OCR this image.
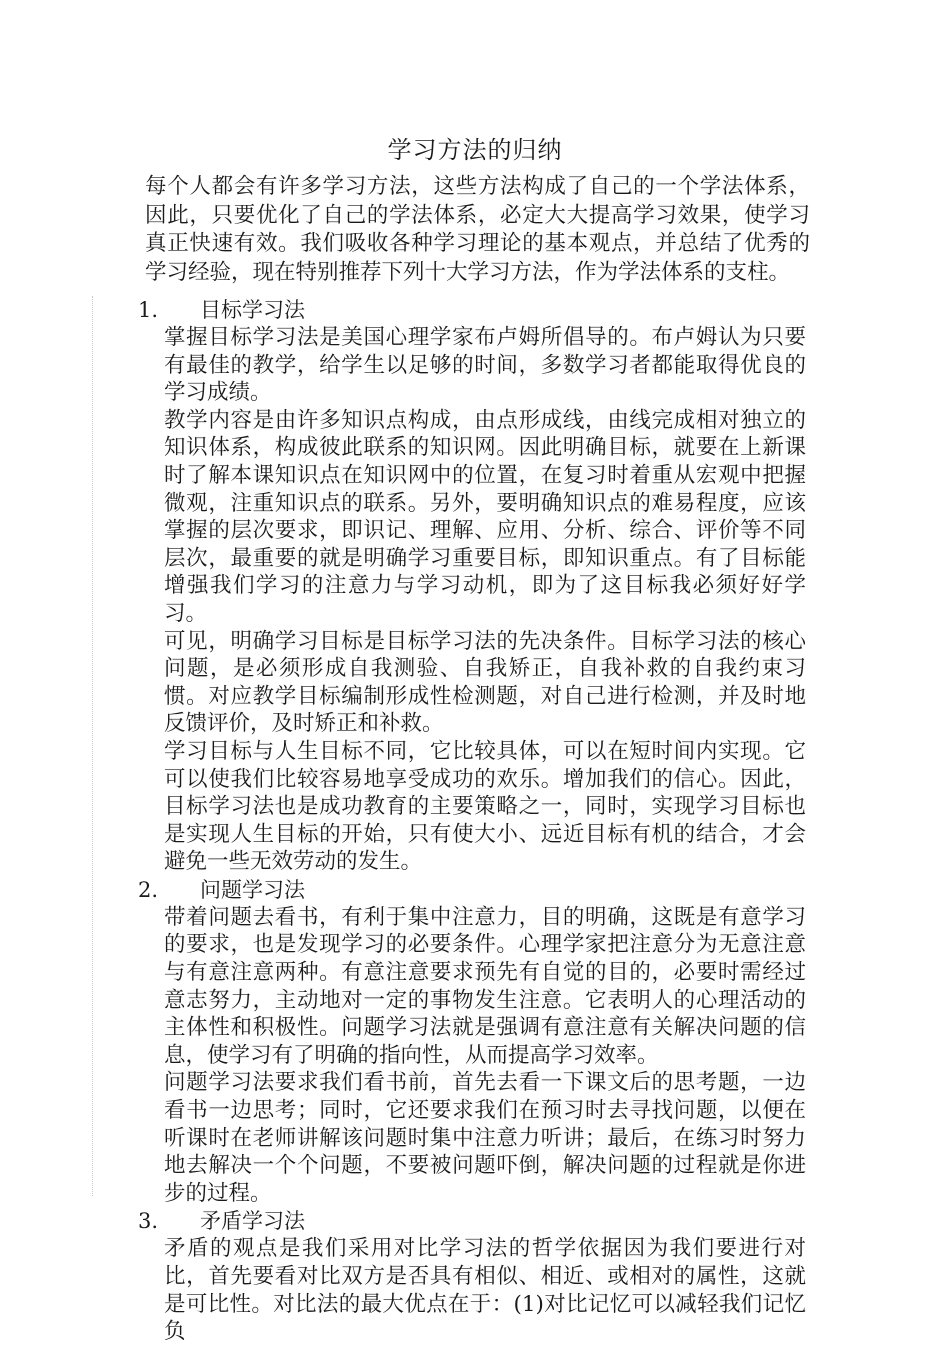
学习方法的归纳
每个人都会有许多学习方法，这些方法构成了自己的一个学法体系，因此，只要优化了自己的学法体系，必定大大提高学习效果，使学习真正快速有效。我们吸收各种学习理论的基本观点，并总结了优秀的学习经验，现在特别推荐下列十大学习方法，作为学法体系的支柱。
1.	目标学习法

掌握目标学习法是美国心理学家布卢姆所倡导的。布卢姆认为只要有最佳的教学，给学生以足够的时间，多数学习者都能取得优良的学习成绩。

教学内容是由许多知识点构成，由点形成线，由线完成相对独立的知识体系，构成彼此联系的知识网。因此明确目标，就要在上新课时了解本课知识点在知识网中的位置，在复习时着重从宏观中把握微观，注重知识点的联系。另外，要明确知识点的难易程度，应该掌握的层次要求，即识记、理解、应用、分析、综合、评价等不同层次，最重要的就是明确学习重要目标，即知识重点。有了目标能增强我们学习的注意力与学习动机，即为了这目标我必须好好学习。

可见，明确学习目标是目标学习法的先决条件。目标学习法的核心问题，是必须形成自我测验、自我矫正，自我补救的自我约束习惯。对应教学目标编制形成性检测题，对自己进行检测，并及时地反馈评价，及时矫正和补救。

学习目标与人生目标不同，它比较具体，可以在短时间内实现。它可以使我们比较容易地享受成功的欢乐。增加我们的信心。因此，目标学习法也是成功教育的主要策略之一，同时，实现学习目标也是实现人生目标的开始，只有使大小、远近目标有机的结合，才会避免一些无效劳动的发生。

2.	问题学习法

带着问题去看书，有利于集中注意力，目的明确，这既是有意学习的要求，也是发现学习的必要条件。心理学家把注意分为无意注意与有意注意两种。有意注意要求预先有自觉的目的，必要时需经过意志努力，主动地对一定的事物发生注意。它表明人的心理活动的主体性和积极性。问题学习法就是强调有意注意有关解决问题的信息，使学习有了明确的指向性，从而提高学习效率。

问题学习法要求我们看书前，首先去看一下课文后的思考题，一边看书一边思考；同时，它还要求我们在预习时去寻找问题，以便在听课时在老师讲解该问题时集中注意力听讲；最后，在练习时努力地去解决一个个问题，不要被问题吓倒，解决问题的过程就是你进步的过程。

3.	矛盾学习法

矛盾的观点是我们采用对比学习法的哲学依据因为我们要进行对比，首先要看对比双方是否具有相似、相近、或相对的属性，这就是可比性。对比法的最大优点在于：(1)对比记忆可以减轻我们记忆负
